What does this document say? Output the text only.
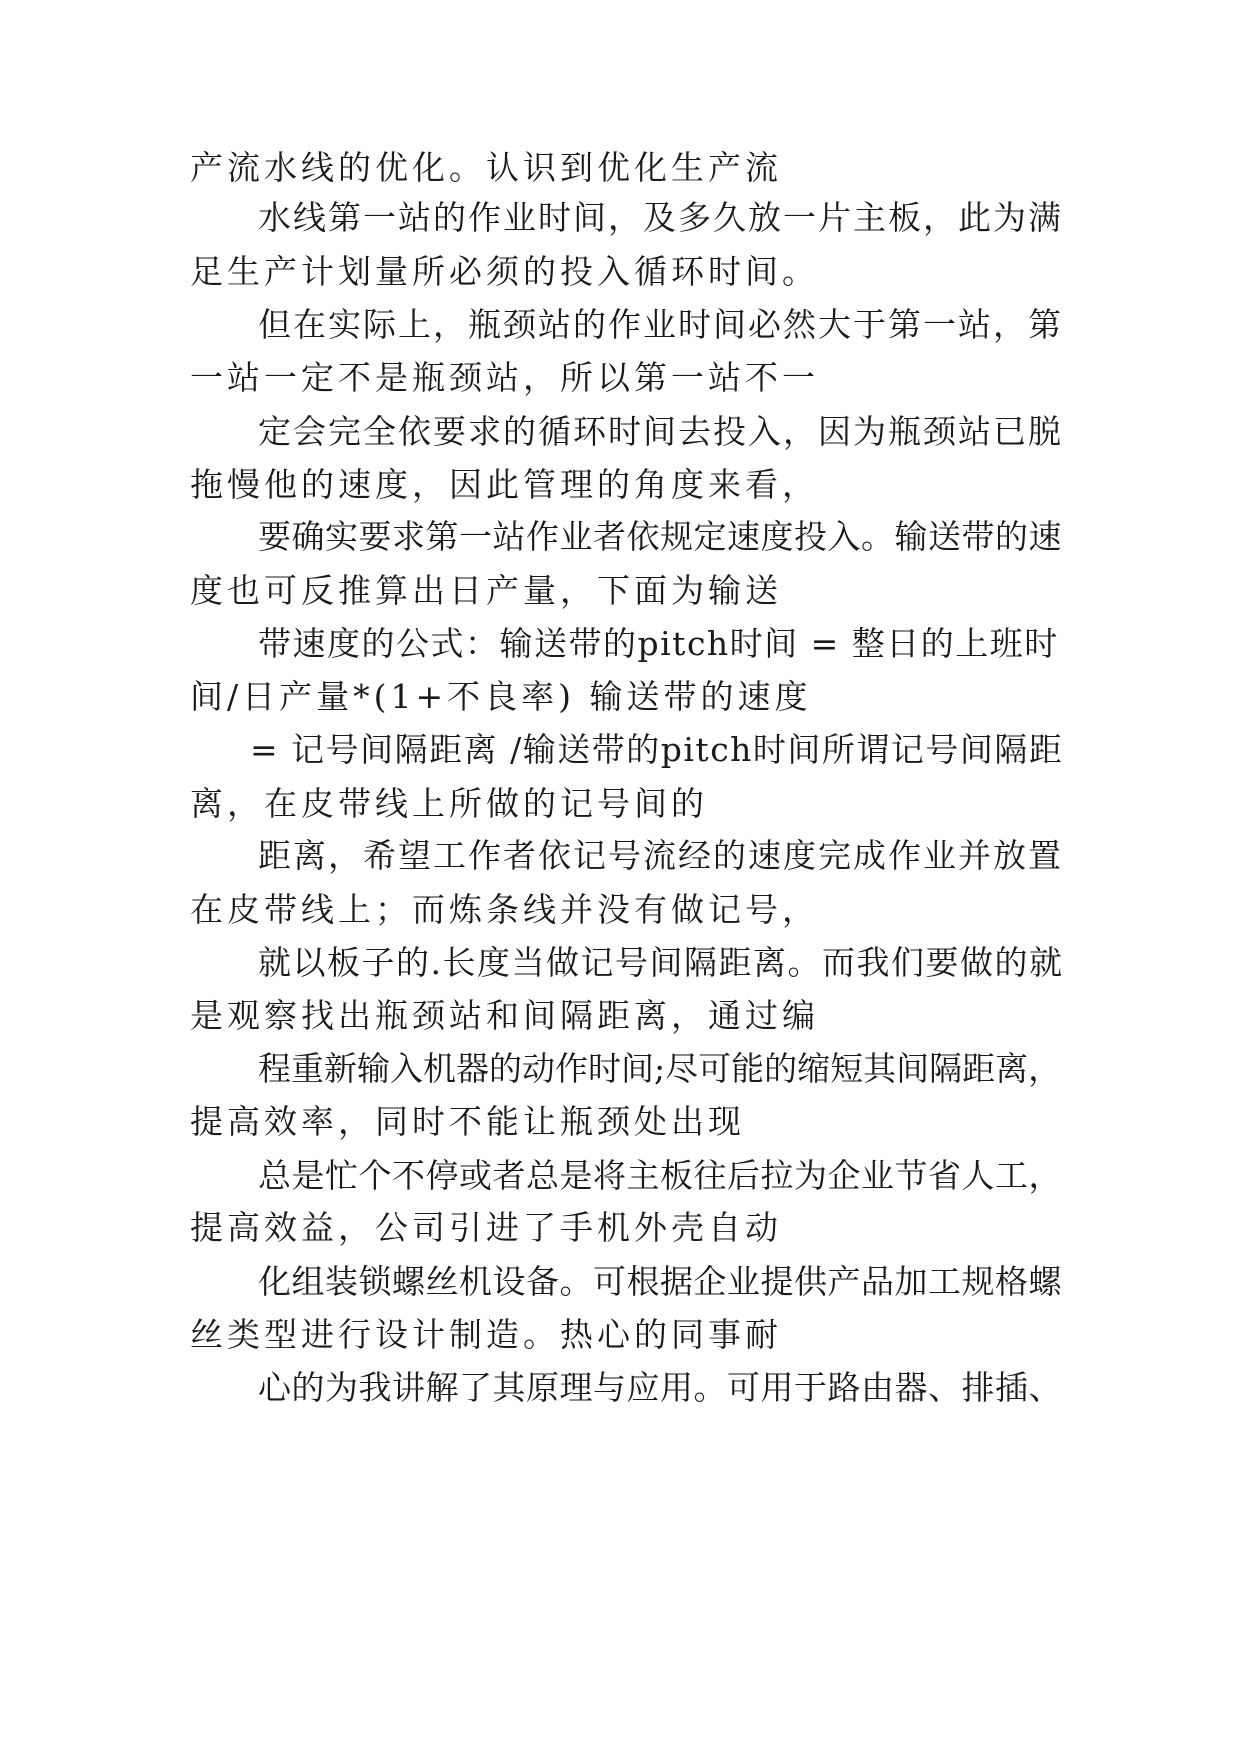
产流水线的优化。认识到优化生产流
水线第一站的作业时间，及多久放一片主板，此为满
足生产计划量所必须的投入循环时间。
但在实际上，瓶颈站的作业时间必然大于第一站，第
一站一定不是瓶颈站，所以第一站不一
定会完全依要求的循环时间去投入，因为瓶颈站已脱
拖慢他的速度，因此管理的角度来看，
要确实要求第一站作业者依规定速度投入。输送带的速
度也可反推算出日产量，下面为输送
带速度的公式：输送带的pitch时间 = 整日的上班时
间/日产量*(1+不良率) 输送带的速度
= 记号间隔距离 /输送带的pitch时间所谓记号间隔距
离，在皮带线上所做的记号间的
距离，希望工作者依记号流经的速度完成作业并放置
在皮带线上；而炼条线并没有做记号，
就以板子的.长度当做记号间隔距离。而我们要做的就
是观察找出瓶颈站和间隔距离，通过编
程重新输入机器的动作时间;尽可能的缩短其间隔距离，
提高效率，同时不能让瓶颈处出现
总是忙个不停或者总是将主板往后拉为企业节省人工，
提高效益，公司引进了手机外壳自动
化组装锁螺丝机设备。可根据企业提供产品加工规格螺
丝类型进行设计制造。热心的同事耐
心的为我讲解了其原理与应用。可用于路由器、排插、
